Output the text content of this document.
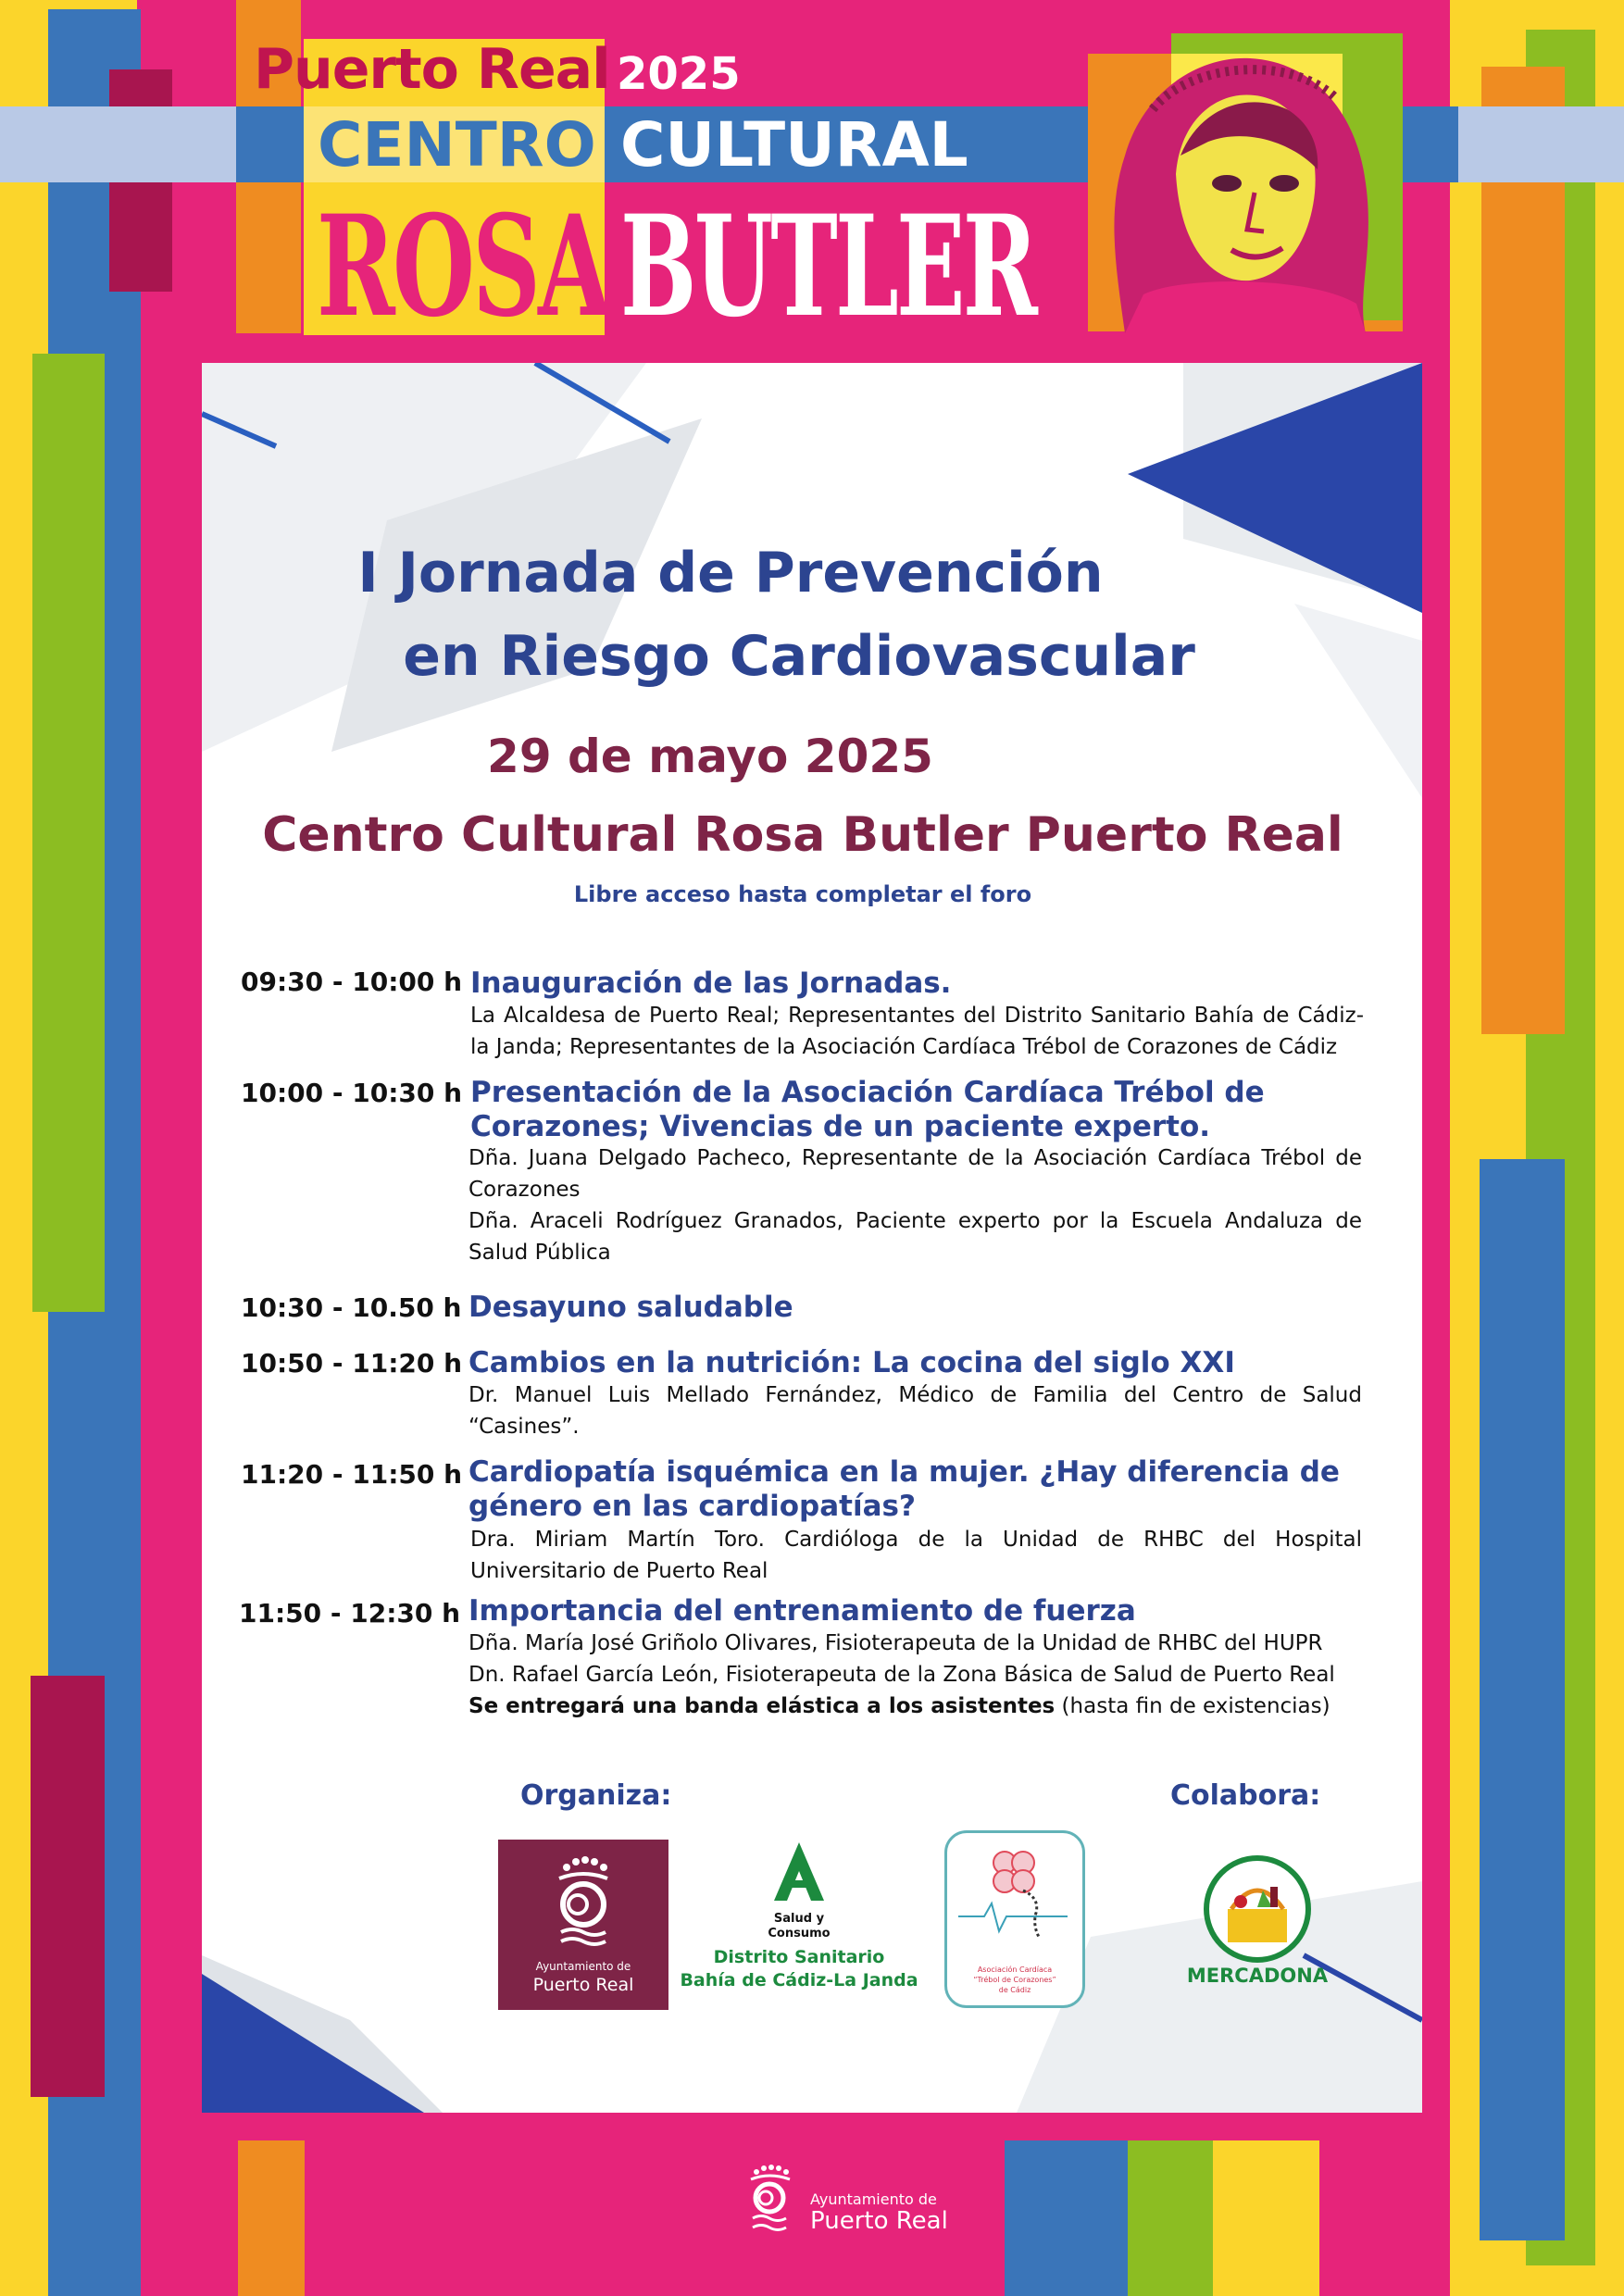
Puerto Real 2025
CENTRO CULTURAL
ROSA BUTLER
I Jornada de Prevención
en Riesgo Cardiovascular
29 de mayo 2025
Centro Cultural Rosa Butler Puerto Real
Libre acceso hasta completar el foro
09:30 - 10:00 h Inauguración de las Jornadas.

La Alcaldesa de Puerto Real; Representantes del Distrito Sanitario Bahía de Cádiz-la Janda; Representantes de la Asociación Cardíaca Trébol de Corazones de Cádiz

10:00 - 10:30 h Presentación de la Asociación Cardíaca Trébol de Corazones; Vivencias de un paciente experto.

Dña. Juana Delgado Pacheco, Representante de la Asociación Cardíaca Trébol de Corazones

Dña. Araceli Rodríguez Granados, Paciente experto por la Escuela Andaluza de Salud Pública

10:30 - 10.50 h Desayuno saludable
10:50 - 11:20 h Cambios en la nutrición: La cocina del siglo XXI

Dr. Manuel Luis Mellado Fernández, Médico de Familia del Centro de Salud “Casines”.

11:20 - 11:50 h Cardiopatía isquémica en la mujer. ¿Hay diferencia de género en las cardiopatías?

Dra. Miriam Martín Toro. Cardióloga de la Unidad de RHBC del Hospital Universitario de Puerto Real

11:50 - 12:30 h Importancia del entrenamiento de fuerza

Dña. María José Griñolo Olivares, Fisioterapeuta de la Unidad de RHBC del HUPR

Dn. Rafael García León, Fisioterapeuta de la Zona Básica de Salud de Puerto Real

Se entregará una banda elástica a los asistentes (hasta fin de existencias)

Organiza:	Colabora:
Ayuntamiento de
Puerto Real
Salud y
Consumo
Distrito Sanitario
Bahía de Cádiz-La Janda
Asociación Cardíaca
“Trébol de Corazones”
de Cádiz
MERCADONA
Ayuntamiento de
Puerto Real
